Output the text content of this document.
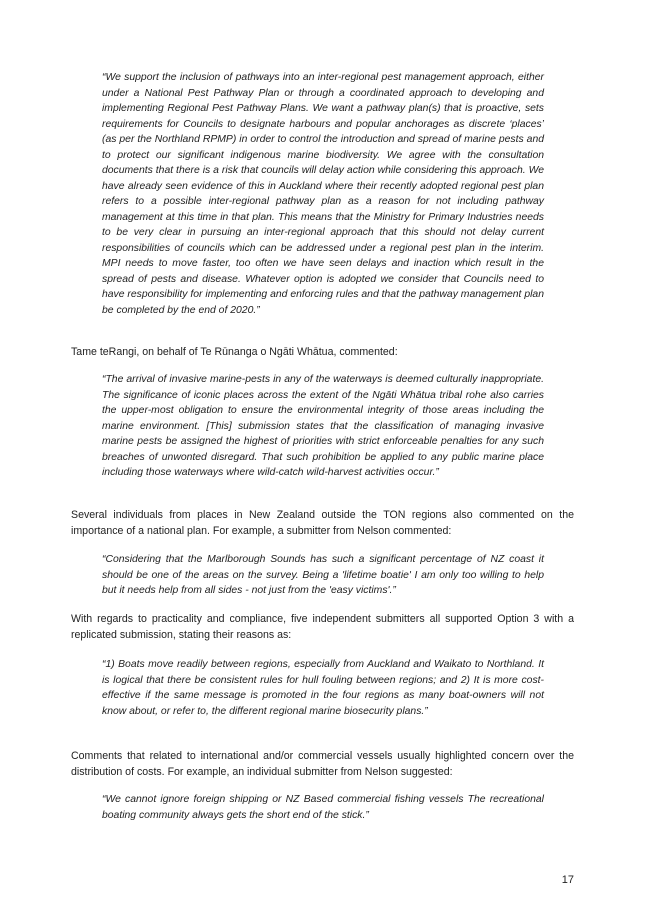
“We support the inclusion of pathways into an inter-regional pest management approach, either under a National Pest Pathway Plan or through a coordinated approach to developing and implementing Regional Pest Pathway Plans. We want a pathway plan(s) that is proactive, sets requirements for Councils to designate harbours and popular anchorages as discrete ‘places’ (as per the Northland RPMP) in order to control the introduction and spread of marine pests and to protect our significant indigenous marine biodiversity. We agree with the consultation documents that there is a risk that councils will delay action while considering this approach. We have already seen evidence of this in Auckland where their recently adopted regional pest plan refers to a possible inter-regional pathway plan as a reason for not including pathway management at this time in that plan. This means that the Ministry for Primary Industries needs to be very clear in pursuing an inter-regional approach that this should not delay current responsibilities of councils which can be addressed under a regional pest plan in the interim. MPI needs to move faster, too often we have seen delays and inaction which result in the spread of pests and disease. Whatever option is adopted we consider that Councils need to have responsibility for implementing and enforcing rules and that the pathway management plan be completed by the end of 2020.”

Tame teRangi, on behalf of Te Rūnanga o Ngāti Whātua, commented:

“The arrival of invasive marine-pests in any of the waterways is deemed culturally inappropriate. The significance of iconic places across the extent of the Ngāti Whātua tribal rohe also carries the upper-most obligation to ensure the environmental integrity of those areas including the marine environment. [This] submission states that the classification of managing invasive marine pests be assigned the highest of priorities with strict enforceable penalties for any such breaches of unwonted disregard. That such prohibition be applied to any public marine place including those waterways where wild-catch wild-harvest activities occur.”

Several individuals from places in New Zealand outside the TON regions also commented on the importance of a national plan. For example, a submitter from Nelson commented:

“Considering that the Marlborough Sounds has such a significant percentage of NZ coast it should be one of the areas on the survey. Being a 'lifetime boatie' I am only too willing to help but it needs help from all sides - not just from the 'easy victims'.”

With regards to practicality and compliance, five independent submitters all supported Option 3 with a replicated submission, stating their reasons as:

“1) Boats move readily between regions, especially from Auckland and Waikato to Northland. It is logical that there be consistent rules for hull fouling between regions; and 2) It is more cost-effective if the same message is promoted in the four regions as many boat-owners will not know about, or refer to, the different regional marine biosecurity plans.”

Comments that related to international and/or commercial vessels usually highlighted concern over the distribution of costs. For example, an individual submitter from Nelson suggested:

“We cannot ignore foreign shipping or NZ Based commercial fishing vessels The recreational boating community always gets the short end of the stick.”

17
